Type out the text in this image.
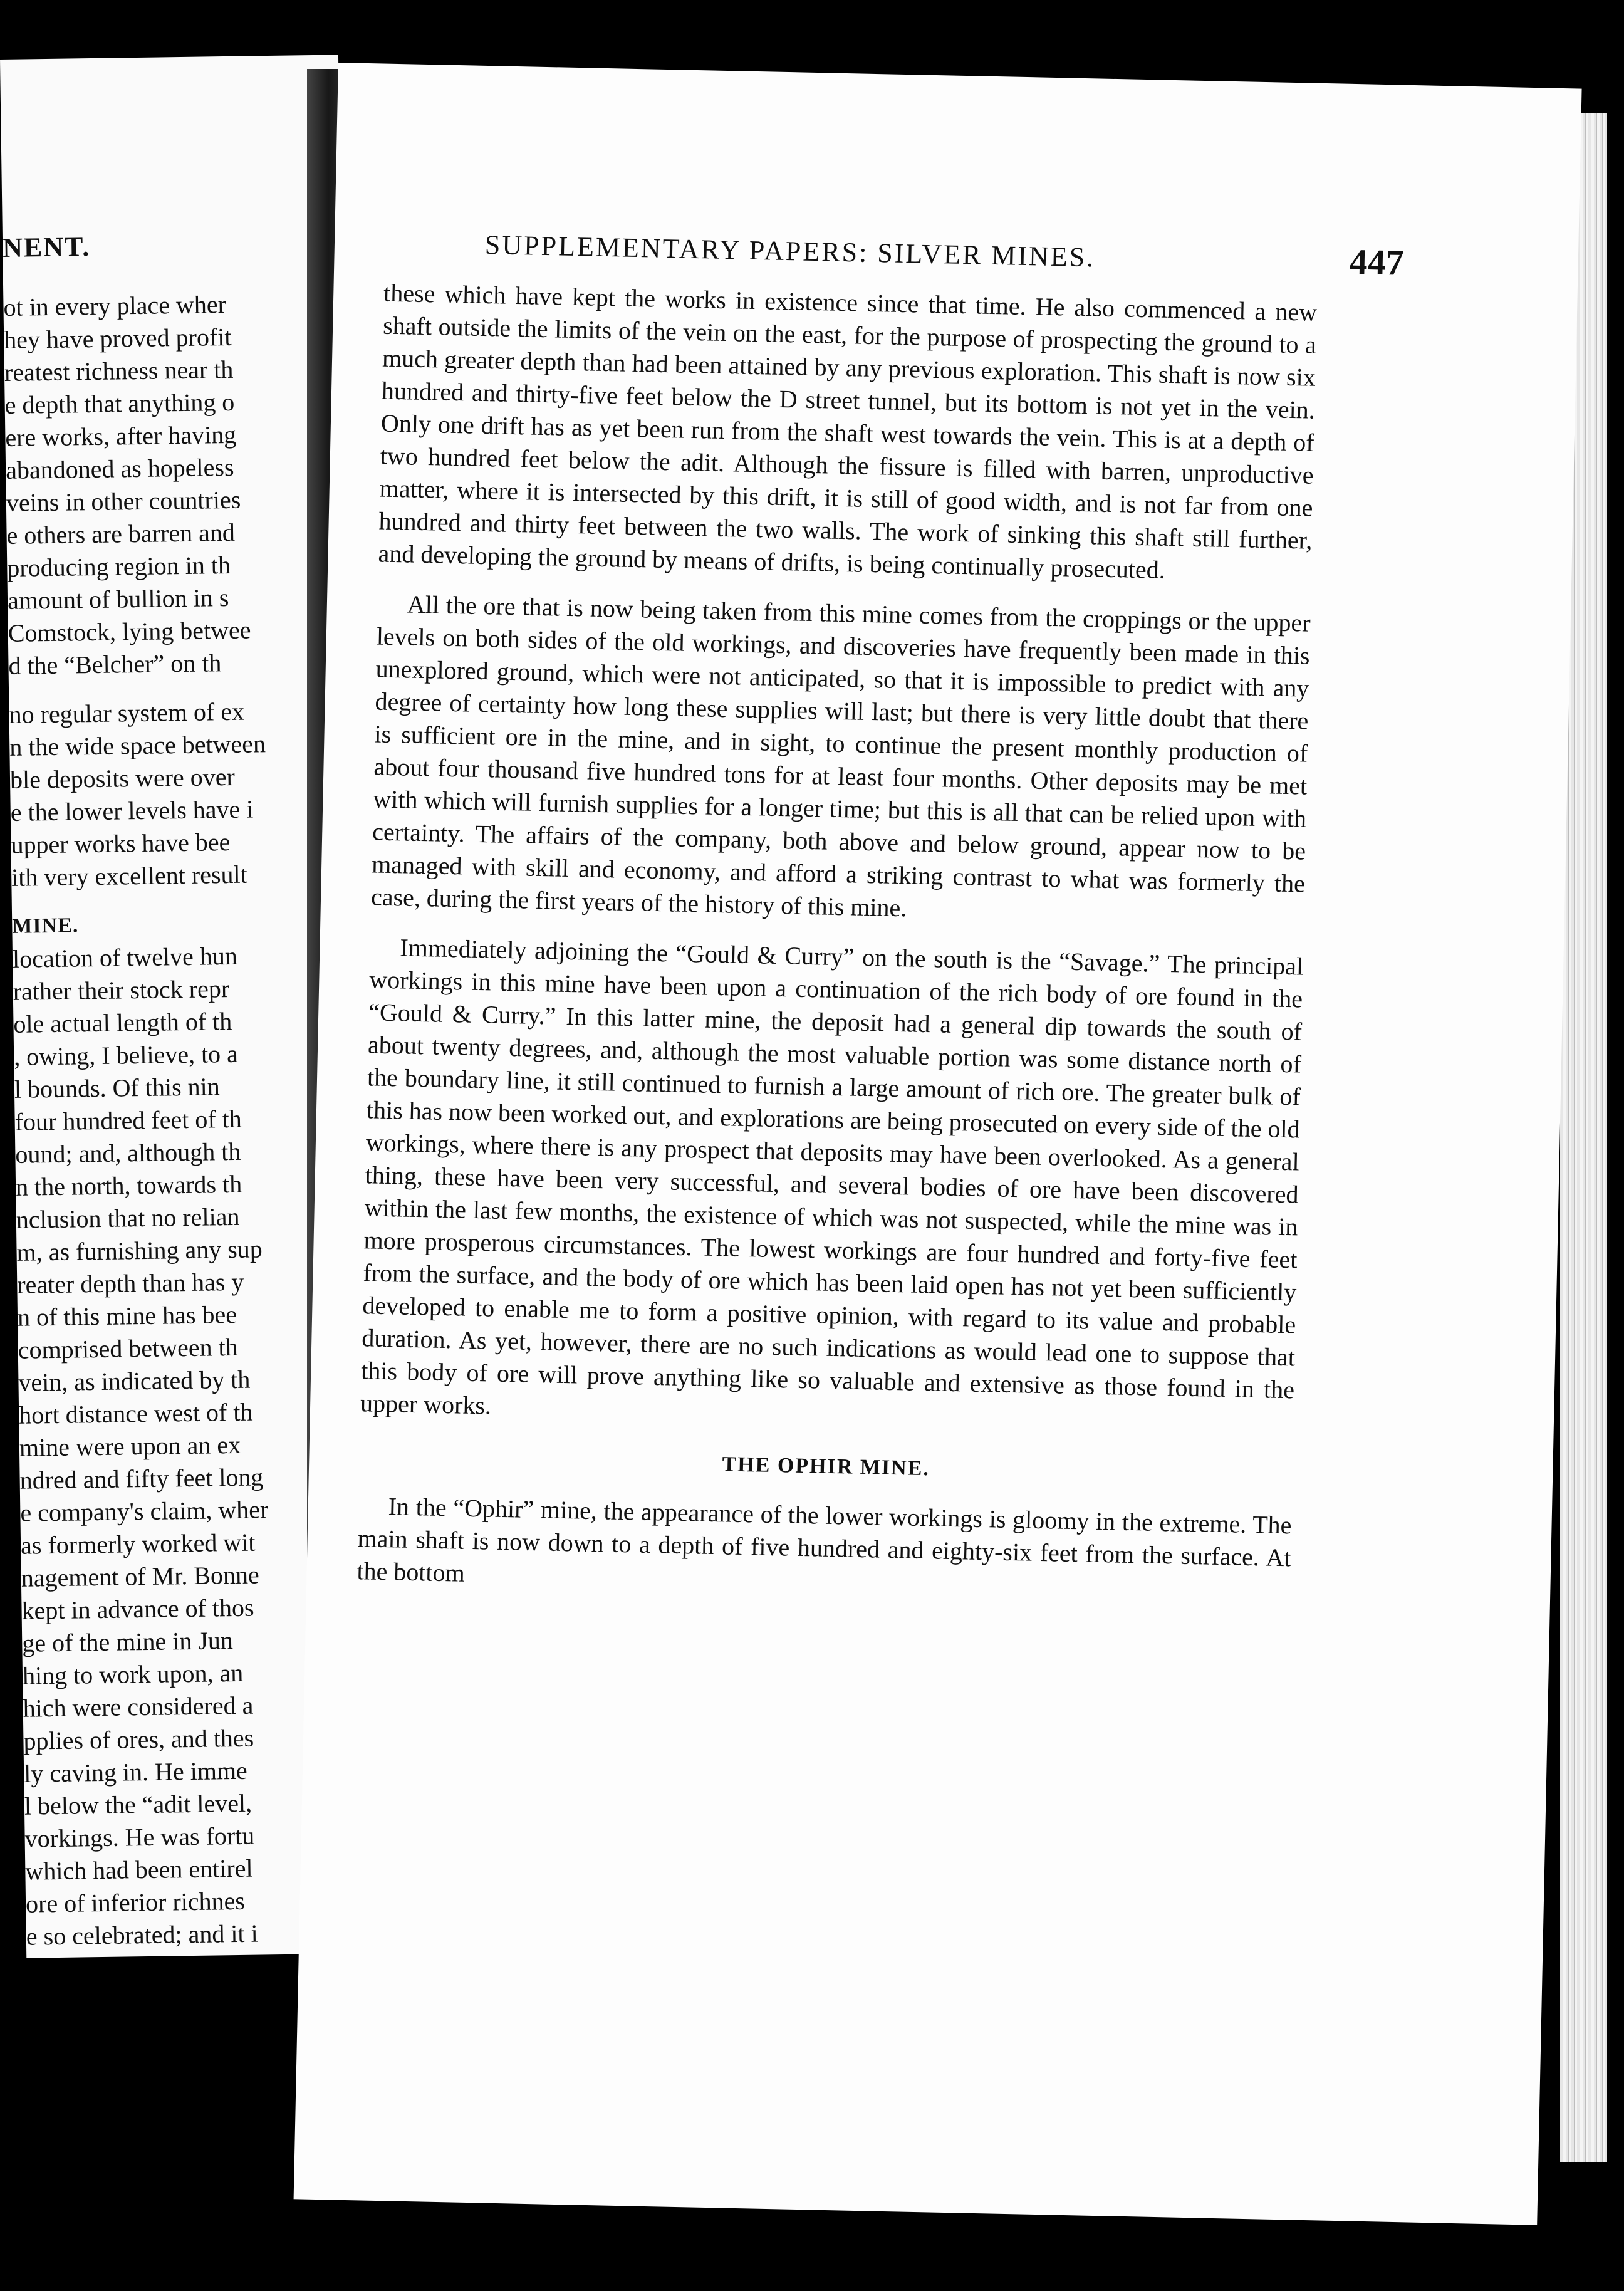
NENT.
ot in every place wher
hey have proved profit
reatest richness near th
e depth that anything o
ere works, after having
abandoned as hopeless
veins in other countries
e others are barren and
producing region in th
amount of bullion in s
Comstock, lying betwee
d the “Belcher” on th
no regular system of ex
n the wide space between
ble deposits were over
e the lower levels have i
upper works have bee
ith very excellent result
MINE.
location of twelve hun
rather their stock repr
ole actual length of th
, owing, I believe, to a
l bounds. Of this nin
four hundred feet of th
ound; and, although th
n the north, towards th
nclusion that no relian
m, as furnishing any sup
reater depth than has y
n of this mine has bee
comprised between th
vein, as indicated by th
hort distance west of th
mine were upon an ex
ndred and fifty feet long
e company's claim, wher
as formerly worked wit
nagement of Mr. Bonne
kept in advance of thos
ge of the mine in Jun
hing to work upon, an
hich were considered a
pplies of ores, and thes
ly caving in. He imme
l below the “adit level,
vorkings. He was fortu
which had been entirel
ore of inferior richnes
e so celebrated; and it i
SUPPLEMENTARY PAPERS: SILVER MINES.	447

these which have kept the works in existence since that time. He also commenced a new shaft outside the limits of the vein on the east, for the purpose of prospecting the ground to a much greater depth than had been attained by any previous exploration. This shaft is now six hundred and thirty-five feet below the D street tunnel, but its bottom is not yet in the vein. Only one drift has as yet been run from the shaft west towards the vein. This is at a depth of two hundred feet below the adit. Although the fissure is filled with barren, unproductive matter, where it is intersected by this drift, it is still of good width, and is not far from one hundred and thirty feet between the two walls. The work of sinking this shaft still further, and developing the ground by means of drifts, is being continually prosecuted.

All the ore that is now being taken from this mine comes from the croppings or the upper levels on both sides of the old workings, and discoveries have frequently been made in this unexplored ground, which were not anticipated, so that it is impossible to predict with any degree of certainty how long these supplies will last; but there is very little doubt that there is sufficient ore in the mine, and in sight, to continue the present monthly production of about four thousand five hundred tons for at least four months. Other deposits may be met with which will furnish supplies for a longer time; but this is all that can be relied upon with certainty. The affairs of the company, both above and below ground, appear now to be managed with skill and economy, and afford a striking contrast to what was formerly the case, during the first years of the history of this mine.

Immediately adjoining the “Gould & Curry” on the south is the “Savage.” The principal workings in this mine have been upon a continuation of the rich body of ore found in the “Gould & Curry.” In this latter mine, the deposit had a general dip towards the south of about twenty degrees, and, although the most valuable portion was some distance north of the boundary line, it still continued to furnish a large amount of rich ore. The greater bulk of this has now been worked out, and explorations are being prosecuted on every side of the old workings, where there is any prospect that deposits may have been overlooked. As a general thing, these have been very successful, and several bodies of ore have been discovered within the last few months, the existence of which was not suspected, while the mine was in more prosperous circumstances. The lowest workings are four hundred and forty-five feet from the surface, and the body of ore which has been laid open has not yet been sufficiently developed to enable me to form a positive opinion, with regard to its value and probable duration. As yet, however, there are no such indications as would lead one to suppose that this body of ore will prove anything like so valuable and extensive as those found in the upper works.

THE OPHIR MINE.

In the “Ophir” mine, the appearance of the lower workings is gloomy in the extreme. The main shaft is now down to a depth of five hundred and eighty-six feet from the surface. At the bottom
